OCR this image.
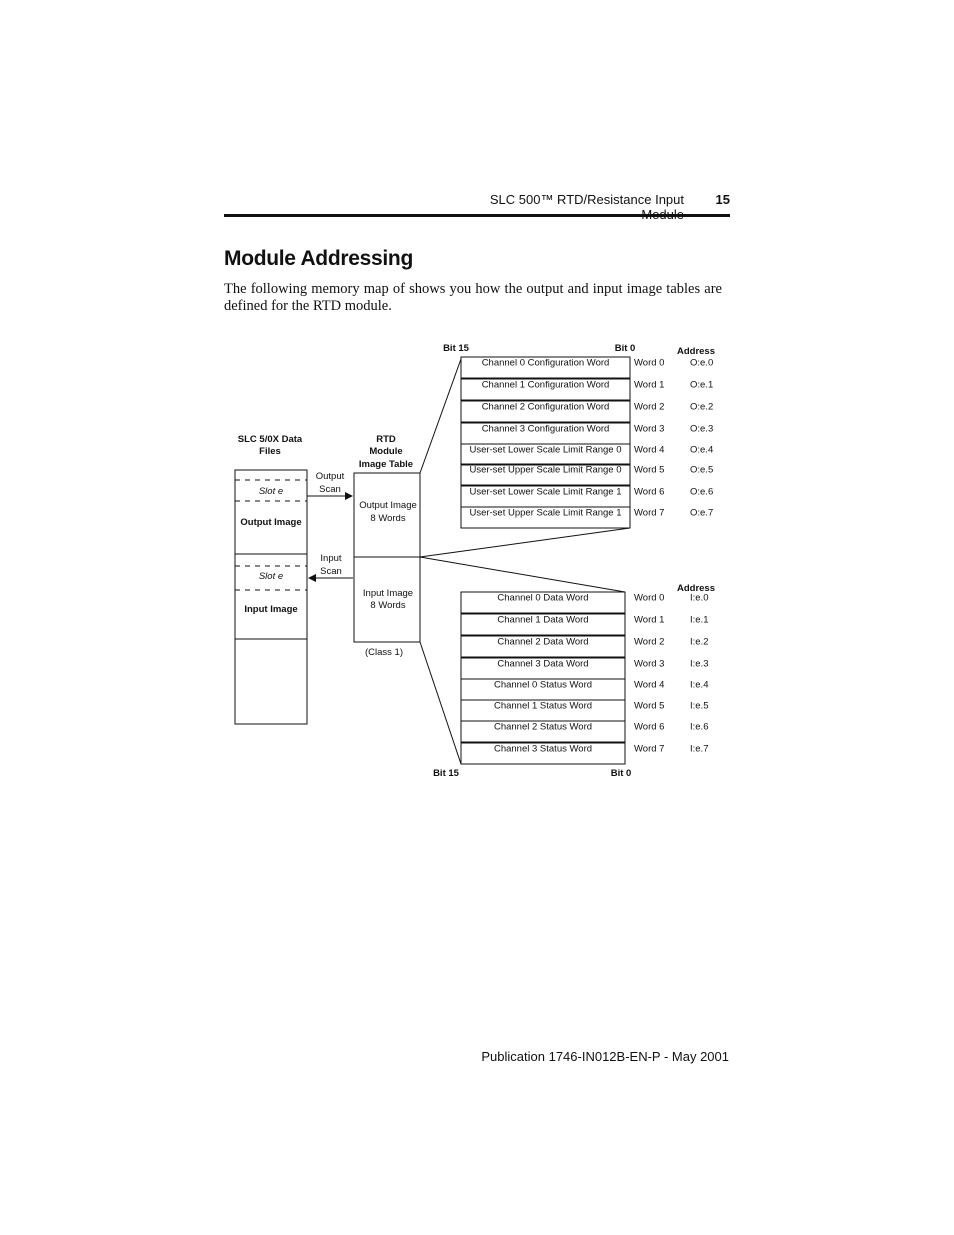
SLC 500™ RTD/Resistance Input	15
Module Addressing
The following memory map of shows you how the output and input image tables are defined for the RTD module.
SLC 5/0X Data
Files
Slot e
Output Image
Slot e
Input Image
Output
Scan
Input
Scan
RTD
Module
Image Table
Output Image
8 Words
Input Image
8 Words
(Class 1)
Bit 15	Bit 0	Address
Channel 0 Configuration Word	Word 0	O:e.0
Channel 1 Configuration Word	Word 1	O:e.1
Channel 2 Configuration Word	Word 2	O:e.2
Channel 3 Configuration Word	Word 3	O:e.3
User-set Lower Scale Limit Range 0 Word 4	O:e.4
User-set Upper Scale Limit Range 0 Word 5	O:e.5
User-set Lower Scale Limit Range 1 Word 6	O:e.6
User-set Upper Scale Limit Range 1 Word 7	O:e.7
Address
Channel 0 Data Word	Word 0	I:e.0
Channel 1 Data Word	Word 1	I:e.1
Channel 2 Data Word	Word 2	I:e.2
Channel 3 Data Word	Word 3	I:e.3
Channel 0 Status Word	Word 4	I:e.4
Channel 1 Status Word	Word 5	I:e.5
Channel 2 Status Word	Word 6	I:e.6
Channel 3 Status Word	Word 7	I:e.7
Bit 15	Bit 0
Publication 1746-IN012B-EN-P - May 2001
